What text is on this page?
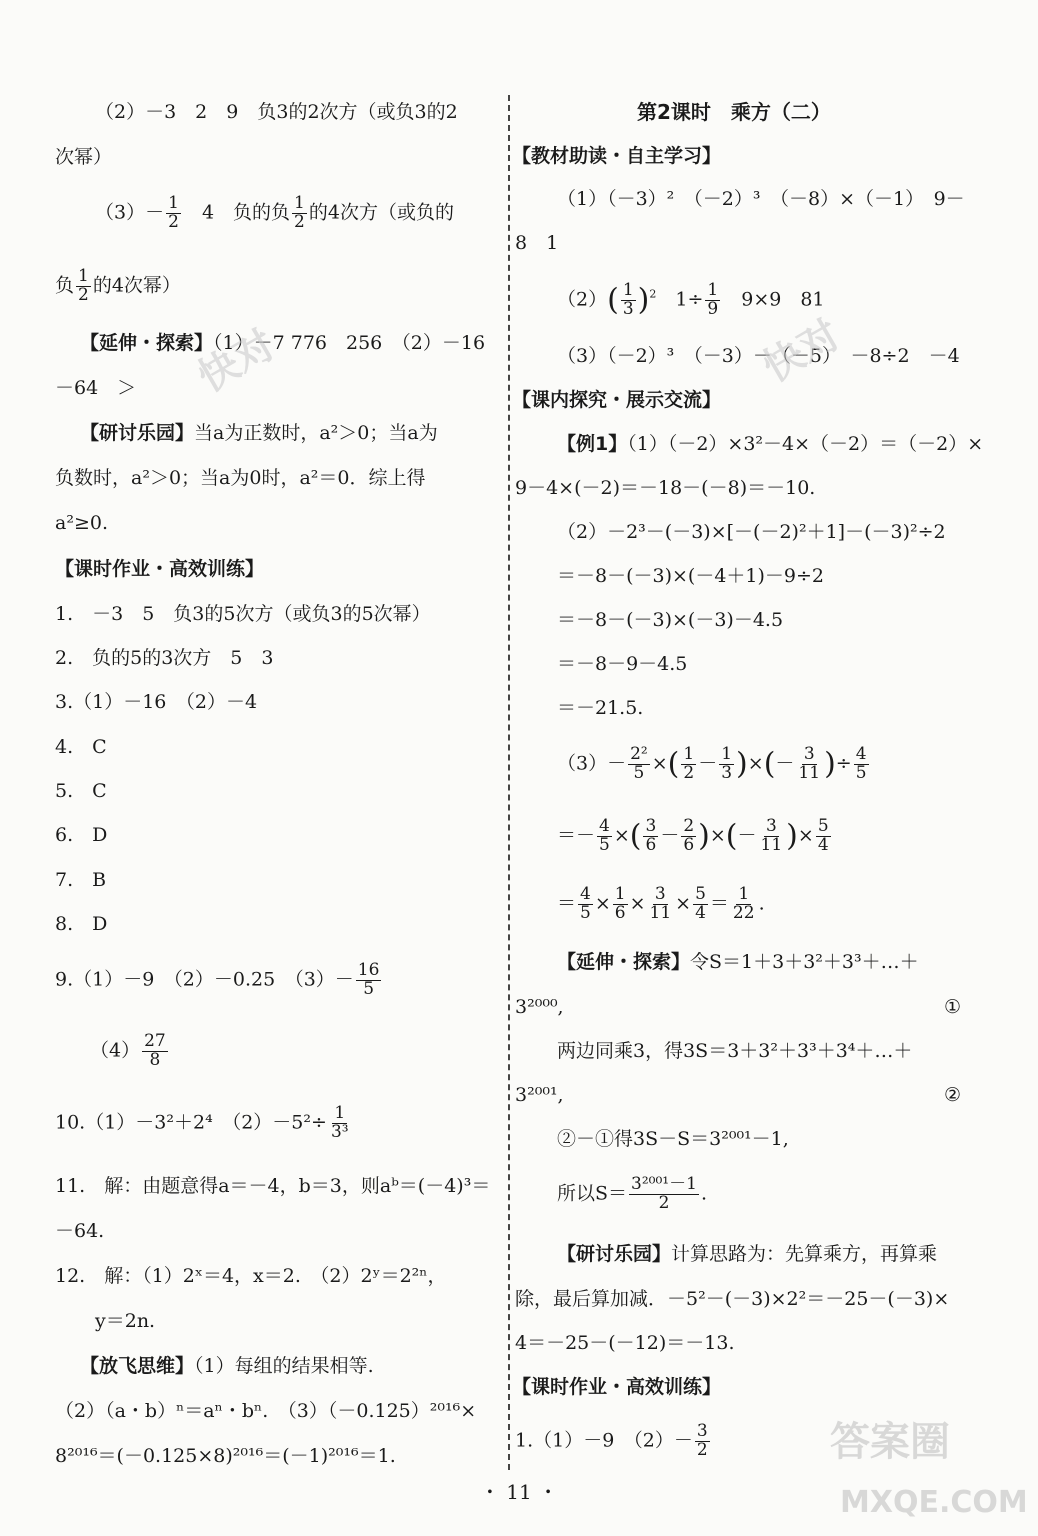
（2）－3　2　9　负3的2次方（或负3的2
次幂）
$(3)- \frac{1}{2}$
　 4　负的负 $\frac{1}{2}$ 的4次方（或负的
负 $\frac{1}{2}$ 的4次幂）
【延伸・探索】（1）－7 776　256　（2）－16
－64　＞
【研讨乐园】当a为正数时，a²＞0；当a为
负数时，a²＞0；当a为0时，a²＝0．综上得
a²≥0.
【课时作业・高效训练】
1.　－3　5　负3的5次方（或负3的5次幂）
2.　负的5的3次方　5　3
3.（1）－16　（2）－4
4.　C
5.　C
6.　D
7.　B
8.　D
9.（1）－9　（2）－0.25　$(3)- \frac{16}{5}$
$(4) \frac{27}{8}$
10.（1）－3²＋2⁴　$(2)-5^2\div \frac{1}{\text{3³}}$
11.　解：由题意得a＝－4，b＝3，则aᵇ＝(－4)³＝
－64.
12.　解：（1）2ˣ＝4，x＝2.　（2）2ʸ＝2²ⁿ，
y＝2n.
【放飞思维】（1）每组的结果相等.
（2）（a・b）ⁿ＝aⁿ・bⁿ.　（3）（－0.125）²⁰¹⁶×
8²⁰¹⁶＝(－0.125×8)²⁰¹⁶＝(－1)²⁰¹⁶＝1.
第2课时　乘方（二）
【教材助读・自主学习】
（1）（－3）²　（－2）³　（－8）×（－1）　9－
8　1
$(2)( \frac{1}{3} )^2$　 $1\div \frac{1}{9}$
　 9×9　81
（3）（－2）³　（－3）－（－5）　－8÷2　－4
【课内探究・展示交流】
【例1】（1）（－2）×3²－4×（－2）＝（－2）×
9－4×(－2)＝－18－(－8)＝－10.
（2）－2³－(－3)×[－(－2)²＋1]－(－3)²÷2
＝－8－(－3)×(－4＋1)－9÷2
＝－8－(－3)×(－3)－4.5
＝－8－9－4.5
＝－21.5.
$(3)- \frac{\text{2²}}{5}$ ×( $\frac{1}{2} - \frac{1}{3}$ )×(－ $\frac{3}{11}$ )÷ $\frac{4}{5}$
＝－ $\frac{4}{5}$ ×( $\frac{3}{6} - \frac{2}{6}$ )×(－ $\frac{3}{11}$ )× $\frac{5}{4}$
＝ $\frac{4}{5} \times \frac{1}{6} \times \frac{3}{11} \times \frac{5}{4} = \frac{1}{22}$ .
【延伸・探索】令S＝1＋3＋3²＋3³＋…＋
3²⁰⁰⁰,	①
两边同乘3，得3S＝3＋3²＋3³＋3⁴＋…＋
3²⁰⁰¹,	②
②－①得3S－S＝3²⁰⁰¹－1,
所以$S= \frac{\text{3²⁰⁰¹－1}}{2}$ .
【研讨乐园】计算思路为：先算乘方，再算乘
除，最后算加减．－5²－(－3)×2²＝－25－(－3)×
4＝－25－(－12)＝－13.
【课时作业・高效训练】
1.（1）－9　$(2)- \frac{3}{2}$
快对	快对
答案圈
MXQE.COM
・ 11 ・
